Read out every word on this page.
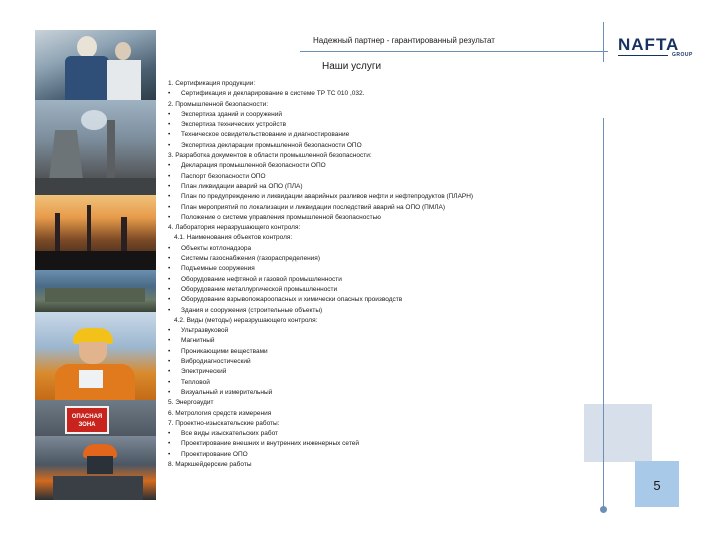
ОПАСНАЯ ЗОНА
Надежный партнер - гарантированный результат	NAFTA
GROUP
Наши услуги
1. Сертификация продукции:
• Сертификация и декларирование в системе ТР ТС 010 ,032.
2. Промышленной безопасности:
• Экспертиза зданий и сооружений
• Экспертиза технических устройств
• Техническое освидетельствование и диагностирование
• Экспертиза декларации промышленной безопасности ОПО
3. Разработка документов в области промышленной безопасности:
• Декларация промышленной безопасности ОПО
• Паспорт безопасности ОПО
• План ликвидации аварий на ОПО (ПЛА)
• План по предупреждению и ликвидации аварийных разливов нефти и нефтепродуктов (ПЛАРН)
• План мероприятий по локализации и ликвидации последствий аварий на ОПО (ПМЛА)
• Положение о системе управления промышленной безопасностью
4. Лаборатория неразрушающего контроля:
4.1. Наименования объектов контроля:
• Объекты котлонадзора
• Системы газоснабжения (газораспределения)
• Подъемные сооружения
• Оборудование нефтяной и газовой промышленности
• Оборудование металлургической промышленности
• Оборудование взрывопожароопасных и химически опасных производств
• Здания и сооружения (строительные объекты)
4.2. Виды (методы) неразрушающего контроля:
• Ультразвуковой
• Магнитный
• Проникающими веществами
• Вибродиагностический
• Электрический
• Тепловой
• Визуальный и измерительный
5. Энергоаудит
6. Метрология средств измерения
7. Проектно-изыскательские работы:
• Все виды изыскательских работ
• Проектирование внешних и внутренних инженерных сетей
• Проектирование ОПО
8. Маркшейдерские работы
5
